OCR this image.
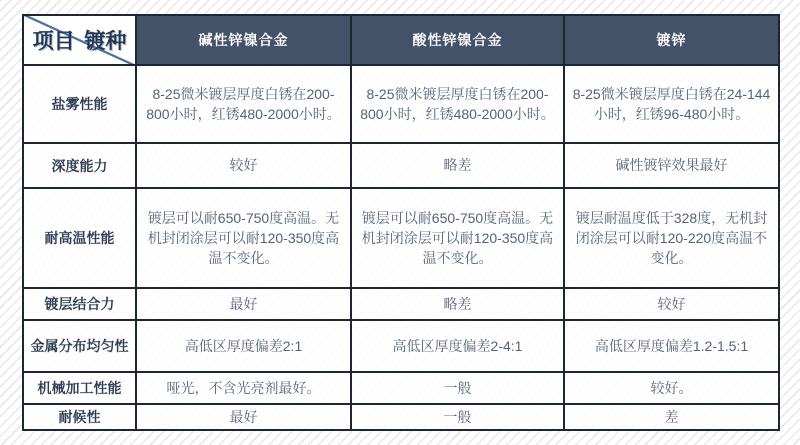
项目 镀种	碱性锌镍合金	酸性锌镍合金	镀锌
盐雾性能	8-25微米镀层厚度白锈在200-800小时，红锈480-2000小时。	8-25微米镀层厚度白锈在200-800小时，红锈480-2000小时。	8-25微米镀层厚度白锈在24-144小时，红锈96-480小时。
深度能力	较好	略差	碱性镀锌效果最好
耐高温性能	镀层可以耐650-750度高温。无机封闭涂层可以耐120-350度高温不变化。	镀层可以耐650-750度高温。无机封闭涂层可以耐120-350度高温不变化。	镀层耐温度低于328度，无机封闭涂层可以耐120-220度高温不变化。
镀层结合力	最好	略差	较好
金属分布均匀性	高低区厚度偏差2:1	高低区厚度偏差2-4:1	高低区厚度偏差1.2-1.5:1
机械加工性能	哑光，不含光亮剂最好。	一般	较好。
耐候性	最好	一般	差
